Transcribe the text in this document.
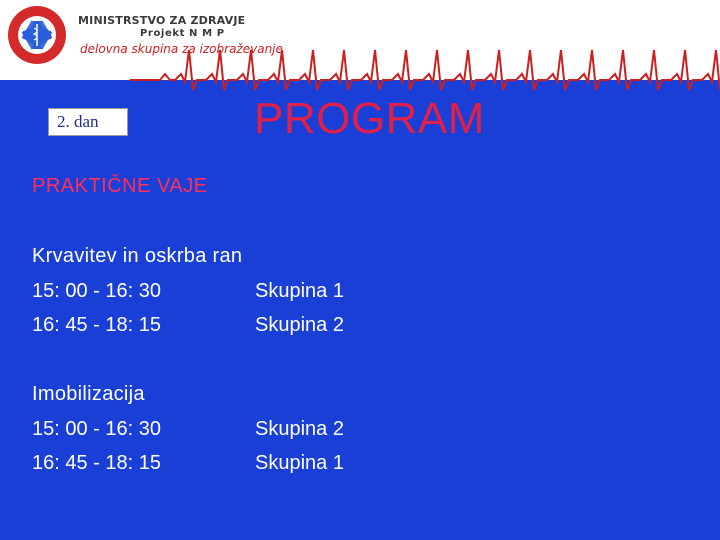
MINISTRSTVO ZA ZDRAVJE
Projekt N M P
delovna skupina za izobraževanje
2. dan	PROGRAM
PRAKTIČNE VAJE
Krvavitev in oskrba ran
15: 00 - 16: 30	Skupina 1
16: 45 - 18: 15	Skupina 2
Imobilizacija
15: 00 - 16: 30	Skupina 2
16: 45 - 18: 15	Skupina 1
